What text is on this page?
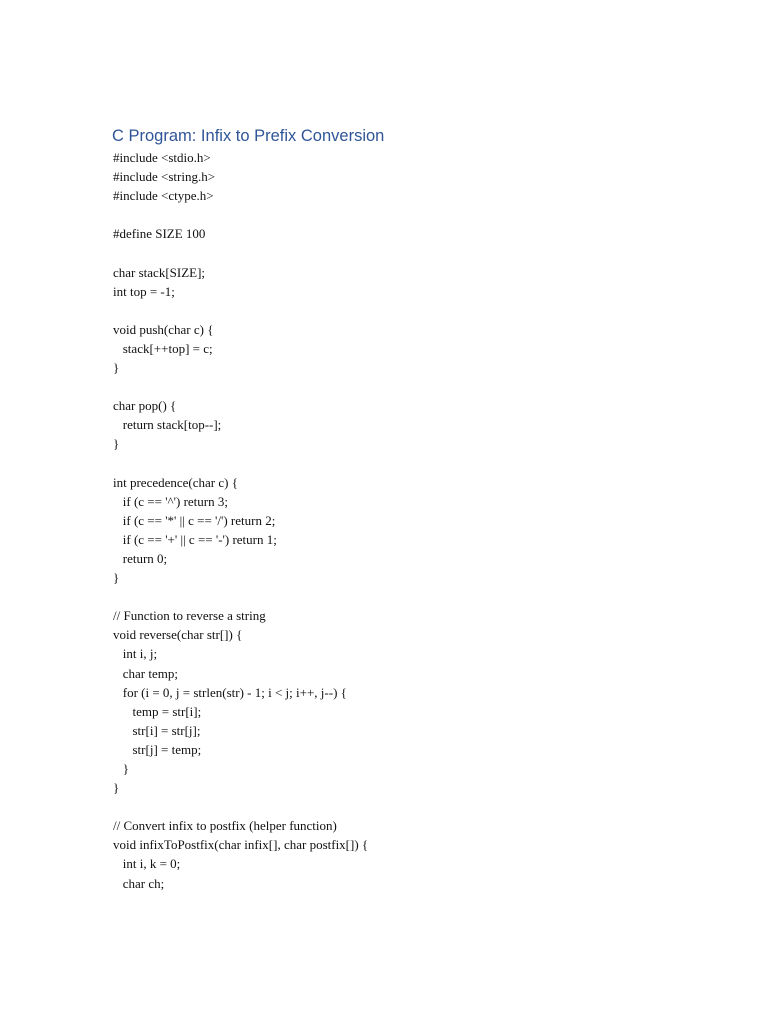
C Program: Infix to Prefix Conversion
#include <stdio.h>
#include <string.h>
#include <ctype.h>
#define SIZE 100
char stack[SIZE];
int top = -1;
void push(char c) {
stack[++top] = c;
}
char pop() {
return stack[top--];
}
int precedence(char c) {
if (c == '^') return 3;
if (c == '*' || c == '/') return 2;
if (c == '+' || c == '-') return 1;
return 0;
}
// Function to reverse a string
void reverse(char str[]) {
int i, j;
char temp;
for (i = 0, j = strlen(str) - 1; i < j; i++, j--) {
temp = str[i];
str[i] = str[j];
str[j] = temp;
}
}
// Convert infix to postfix (helper function)
void infixToPostfix(char infix[], char postfix[]) {
int i, k = 0;
char ch;
